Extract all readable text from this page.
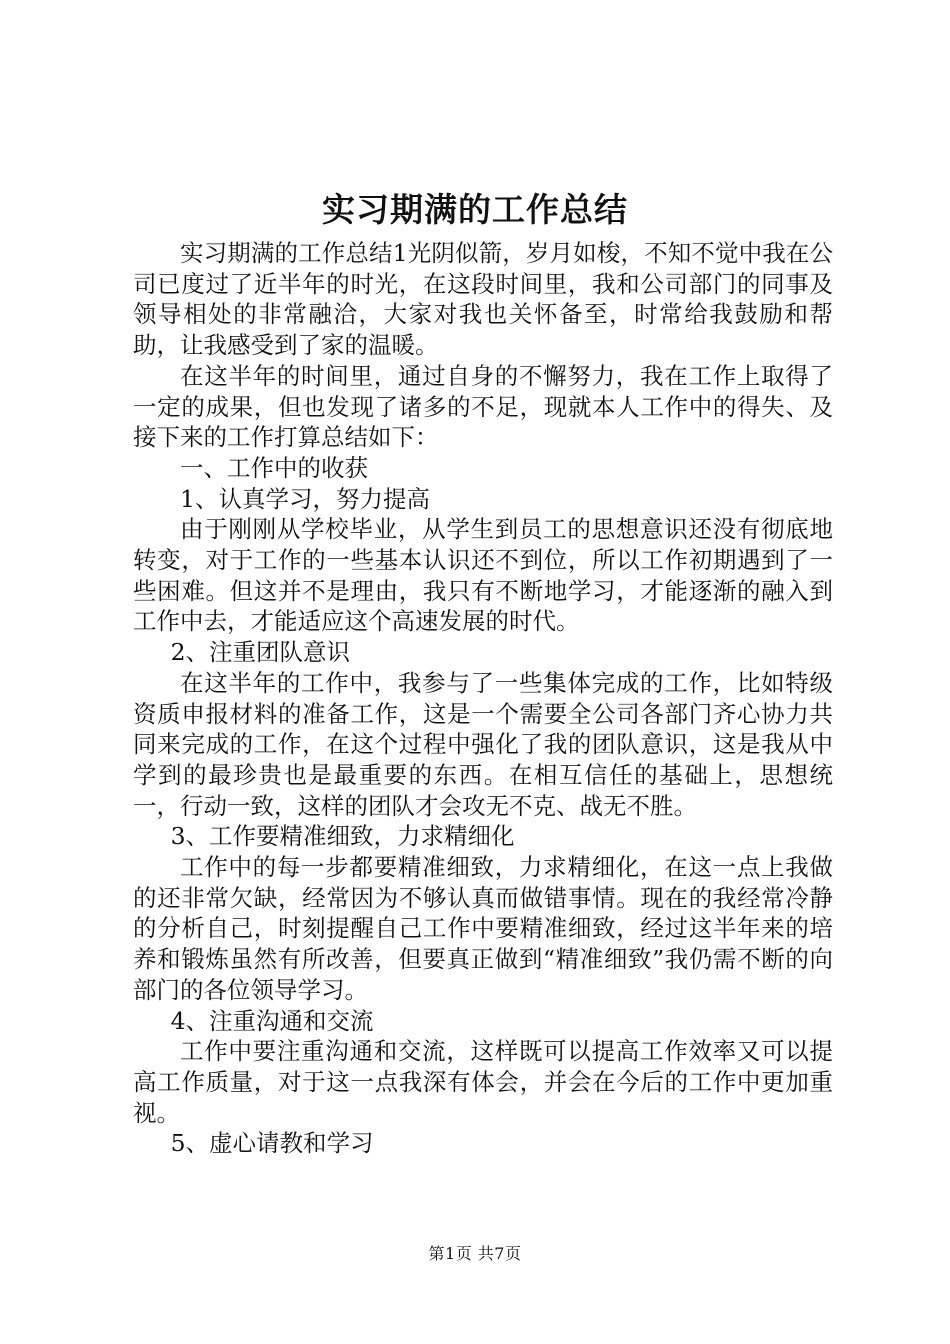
实习期满的工作总结

实习期满的工作总结1光阴似箭，岁月如梭，不知不觉中我在公司已度过了近半年的时光，在这段时间里，我和公司部门的同事及领导相处的非常融洽，大家对我也关怀备至，时常给我鼓励和帮助，让我感受到了家的温暖。

在这半年的时间里，通过自身的不懈努力，我在工作上取得了一定的成果，但也发现了诸多的不足，现就本人工作中的得失、及接下来的工作打算总结如下：

一、工作中的收获

1、认真学习，努力提高

由于刚刚从学校毕业，从学生到员工的思想意识还没有彻底地转变，对于工作的一些基本认识还不到位，所以工作初期遇到了一些困难。但这并不是理由，我只有不断地学习，才能逐渐的融入到工作中去，才能适应这个高速发展的时代。

2、注重团队意识

在这半年的工作中，我参与了一些集体完成的工作，比如特级资质申报材料的准备工作，这是一个需要全公司各部门齐心协力共同来完成的工作，在这个过程中强化了我的团队意识，这是我从中学到的最珍贵也是最重要的东西。在相互信任的基础上，思想统一，行动一致，这样的团队才会攻无不克、战无不胜。

3、工作要精准细致，力求精细化

工作中的每一步都要精准细致，力求精细化，在这一点上我做的还非常欠缺，经常因为不够认真而做错事情。现在的我经常冷静的分析自己，时刻提醒自己工作中要精准细致，经过这半年来的培养和锻炼虽然有所改善，但要真正做到“精准细致”我仍需不断的向部门的各位领导学习。

4、注重沟通和交流

工作中要注重沟通和交流，这样既可以提高工作效率又可以提高工作质量，对于这一点我深有体会，并会在今后的工作中更加重视。

5、虚心请教和学习

第1页 共7页
